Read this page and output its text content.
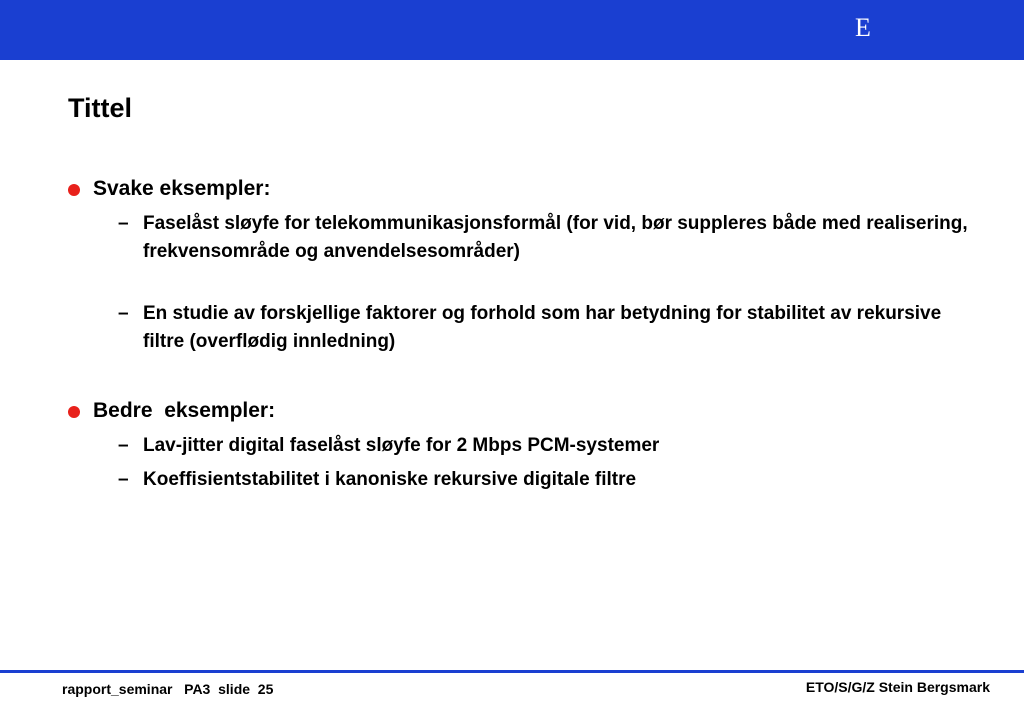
E
Tittel
Svake eksempler:
– Faselåst sløyfe for telekommunikasjonsformål (for vid, bør suppleres både med realisering, frekvensområde og anvendelsesområder)
– En studie av forskjellige faktorer og forhold som har betydning for stabilitet av rekursive filtre (overflødig innledning)
Bedre  eksempler:
– Lav-jitter digital faselåst sløyfe for 2 Mbps PCM-systemer
– Koeffisientstabilitet i kanoniske rekursive digitale filtre
rapport_seminar   PA3  slide  25	ETO/S/G/Z Stein Bergsmark
